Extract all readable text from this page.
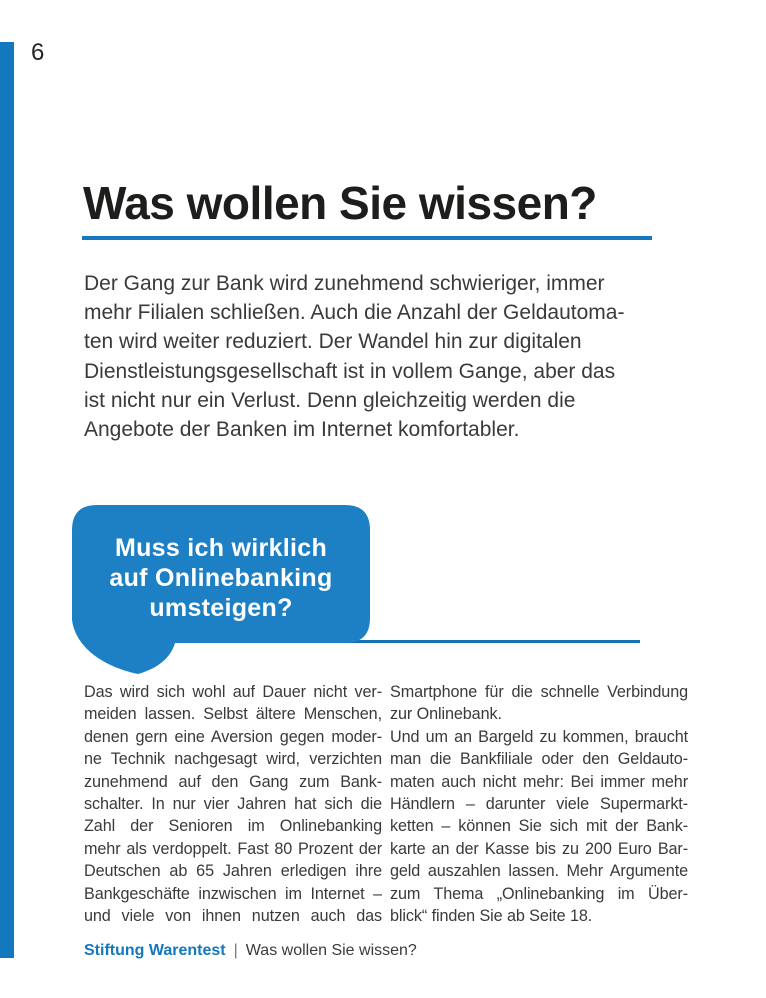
6
Was wollen Sie wissen?
Der Gang zur Bank wird zunehmend schwieriger, immer
mehr Filialen schließen. Auch die Anzahl der Geldautoma-
ten wird weiter reduziert. Der Wandel hin zur digitalen
Dienstleistungsgesellschaft ist in vollem Gange, aber das
ist nicht nur ein Verlust. Denn gleichzeitig werden die
Angebote der Banken im Internet komfortabler.
Muss ich wirklich
auf Onlinebanking
umsteigen?
Das wird sich wohl auf Dauer nicht ver-
meiden lassen. Selbst ältere Menschen,
denen gern eine Aversion gegen moder-
ne Technik nachgesagt wird, verzichten
zunehmend auf den Gang zum Bank-
schalter. In nur vier Jahren hat sich die
Zahl der Senioren im Onlinebanking
mehr als verdoppelt. Fast 80 Prozent der
Deutschen ab 65 Jahren erledigen ihre
Bankgeschäfte inzwischen im Internet –
und viele von ihnen nutzen auch das
Smartphone für die schnelle Verbindung
zur Onlinebank.
Und um an Bargeld zu kommen, braucht
man die Bankfiliale oder den Geldauto-
maten auch nicht mehr: Bei immer mehr
Händlern – darunter viele Supermarkt-
ketten – können Sie sich mit der Bank-
karte an der Kasse bis zu 200 Euro Bar-
geld auszahlen lassen. Mehr Argumente
zum Thema „Onlinebanking im Über-
blick“ finden Sie ab Seite 18.
Stiftung Warentest | Was wollen Sie wissen?
